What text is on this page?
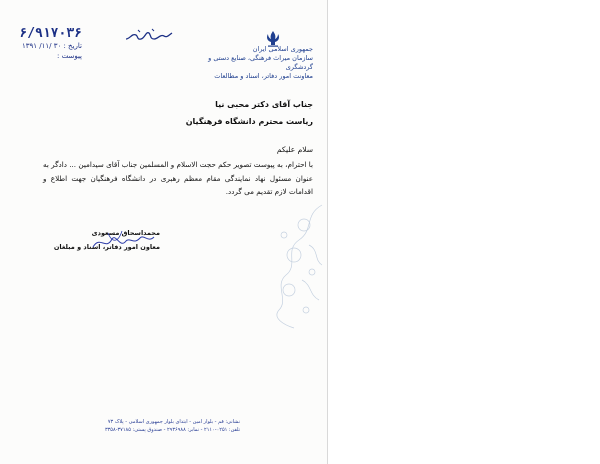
جمهوری اسلامی ایران
سازمان میراث فرهنگی، صنایع دستی و گردشگری
معاونت امور دفاتر، اسناد و مطالعات
۶/۹۱۷۰۳۶
تاریخ : ۳۰ /۱۱/ ۱۳۹۱
پیوست :
جناب آقای دکتر محبی نیا
ریاست محترم دانشگاه فرهنگیان
سلام علیکم
با احترام، به پیوست تصویر حکم حجت الاسلام و المسلمین جناب آقای سیدامین ... دادگر به عنوان مسئول نهاد نمایندگی مقام معظم رهبری در دانشگاه فرهنگیان جهت اطلاع و اقدامات لازم تقدیم می گردد.
محمداسحاق مسعودی
معاون امور دفاتر، اسناد و مبلغان
نشانی: قم - بلوار امین - ابتدای بلوار جمهوری اسلامی - پلاک ۷۳
تلفن: ۰۲۵۱-۲۱۱۰ - نمابر: ۲۹۳۶۹۸۸ - صندوق پستی: ۳۷۱۸۵-۳۳۵۸
